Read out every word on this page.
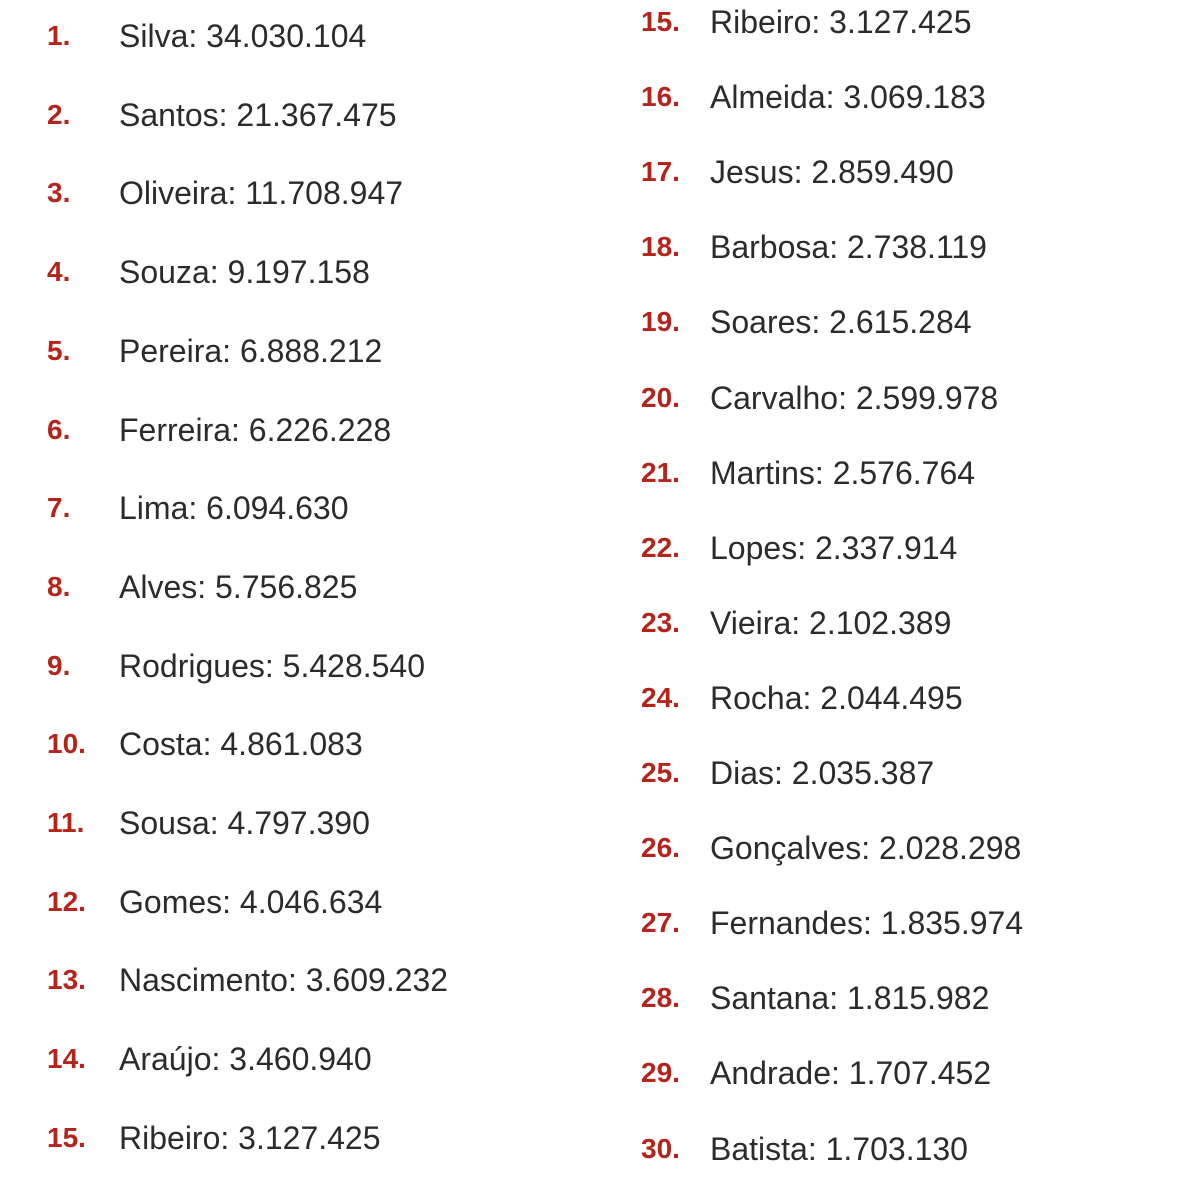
1. Silva: 34.030.104
2. Santos: 21.367.475
3. Oliveira: 11.708.947
4. Souza: 9.197.158
5. Pereira: 6.888.212
6. Ferreira: 6.226.228
7. Lima: 6.094.630
8. Alves: 5.756.825
9. Rodrigues: 5.428.540
10. Costa: 4.861.083
11. Sousa: 4.797.390
12. Gomes: 4.046.634
13. Nascimento: 3.609.232
14. Araújo: 3.460.940
15. Ribeiro: 3.127.425
15. Ribeiro: 3.127.425
16. Almeida: 3.069.183
17. Jesus: 2.859.490
18. Barbosa: 2.738.119
19. Soares: 2.615.284
20. Carvalho: 2.599.978
21. Martins: 2.576.764
22. Lopes: 2.337.914
23. Vieira: 2.102.389
24. Rocha: 2.044.495
25. Dias: 2.035.387
26. Gonçalves: 2.028.298
27. Fernandes: 1.835.974
28. Santana: 1.815.982
29. Andrade: 1.707.452
30. Batista: 1.703.130
